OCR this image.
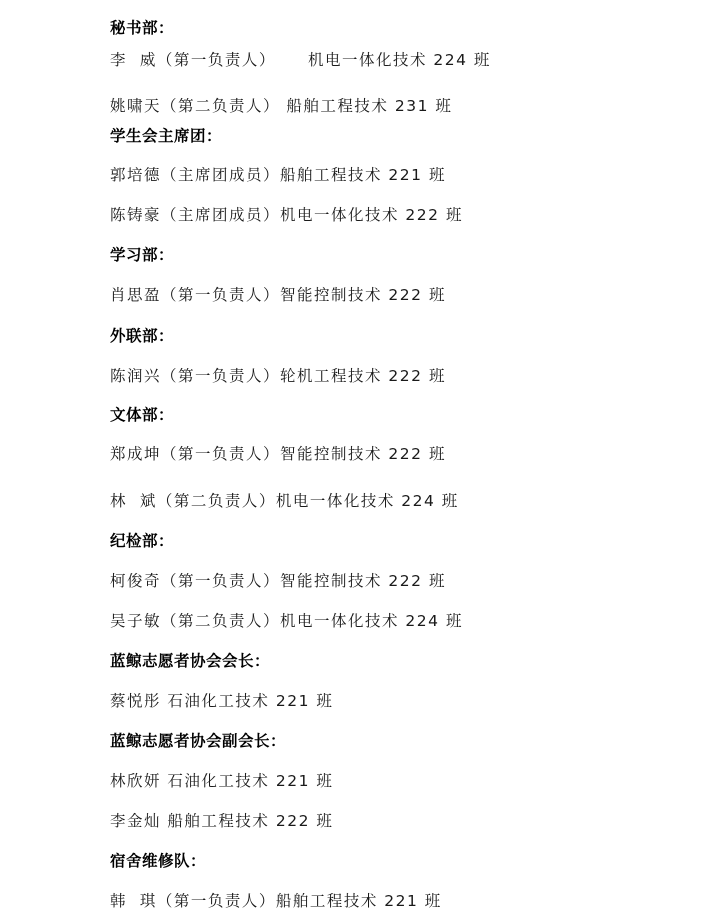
秘书部：
李  威（第一负责人）     机电一体化技术 224 班
姚啸天（第二负责人） 船舶工程技术 231 班
学生会主席团：
郭培德（主席团成员）船舶工程技术 221 班
陈铸豪（主席团成员）机电一体化技术 222 班
学习部：
肖思盈（第一负责人）智能控制技术 222 班
外联部：
陈润兴（第一负责人）轮机工程技术 222 班
文体部：
郑成坤（第一负责人）智能控制技术 222 班
林  斌（第二负责人）机电一体化技术 224 班
纪检部：
柯俊奇（第一负责人）智能控制技术 222 班
吴子敏（第二负责人）机电一体化技术 224 班
蓝鲸志愿者协会会长：
蔡悦彤 石油化工技术 221 班
蓝鲸志愿者协会副会长：
林欣妍 石油化工技术 221 班
李金灿 船舶工程技术 222 班
宿舍维修队：
韩  琪（第一负责人）船舶工程技术 221 班
